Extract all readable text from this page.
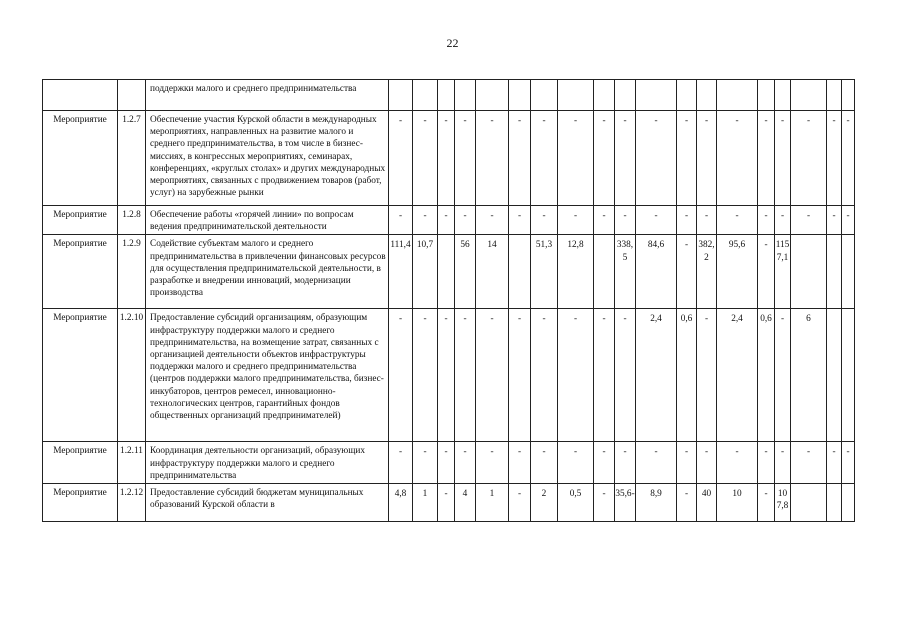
22
		поддержки малого и среднего предпринимательства	

Мероприятие	1.2.7	Обеспечение участия Курской области в международных мероприятиях, направленных на развитие малого и среднего предпринимательства, в том числе в бизнес-миссиях, в конгрессных мероприятиях, семинарах, конференциях, «круглых столах» и других международных мероприятиях, связанных с продвижением товаров (работ, услуг) на зарубежные рынки	-	-	-	-	-	-	-	-	-	-	-	-	-	-	-	-	-	-	-

Мероприятие	1.2.8	Обеспечение работы «горячей линии» по вопросам ведения предпринимательской деятельности	-	-	-	-	-	-	-	-	-	-	-	-	-	-	-	-	-	-	-

Мероприятие	1.2.9	Содействие субъектам малого и среднего предпринимательства в привлечении финансовых ресурсов для осуществления предпринимательской деятельности, в разработке и внедрении инноваций, модернизации производства	111,4	10,7		56	14		51,3	12,8		338,5	84,6	-	382,2	95,6	-	1157,1			

Мероприятие	1.2.10	Предоставление субсидий организациям, образующим инфраструктуру поддержки малого и среднего предпринимательства, на возмещение затрат, связанных с организацией деятельности объектов инфраструктуры поддержки малого и среднего предпринимательства (центров поддержки малого предпринимательства, бизнес-инкубаторов, центров ремесел, инновационно-технологических центров, гарантийных фондов общественных организаций предпринимателей)	-	-	-	-	-	-	-	-	-	-	2,4	0,6	-	2,4	0,6	-	6		

Мероприятие	1.2.11	Координация деятельности организаций, образующих инфраструктуру поддержки малого и среднего предпринимательства	-	-	-	-	-	-	-	-	-	-	-	-	-	-	-	-	-	-	-

Мероприятие	1.2.12	Предоставление субсидий бюджетам муниципальных образований Курской области в	4,8	1	-	4	1	-	2	0,5	-	35,6-	8,9	-	40	10	-	107,8			
